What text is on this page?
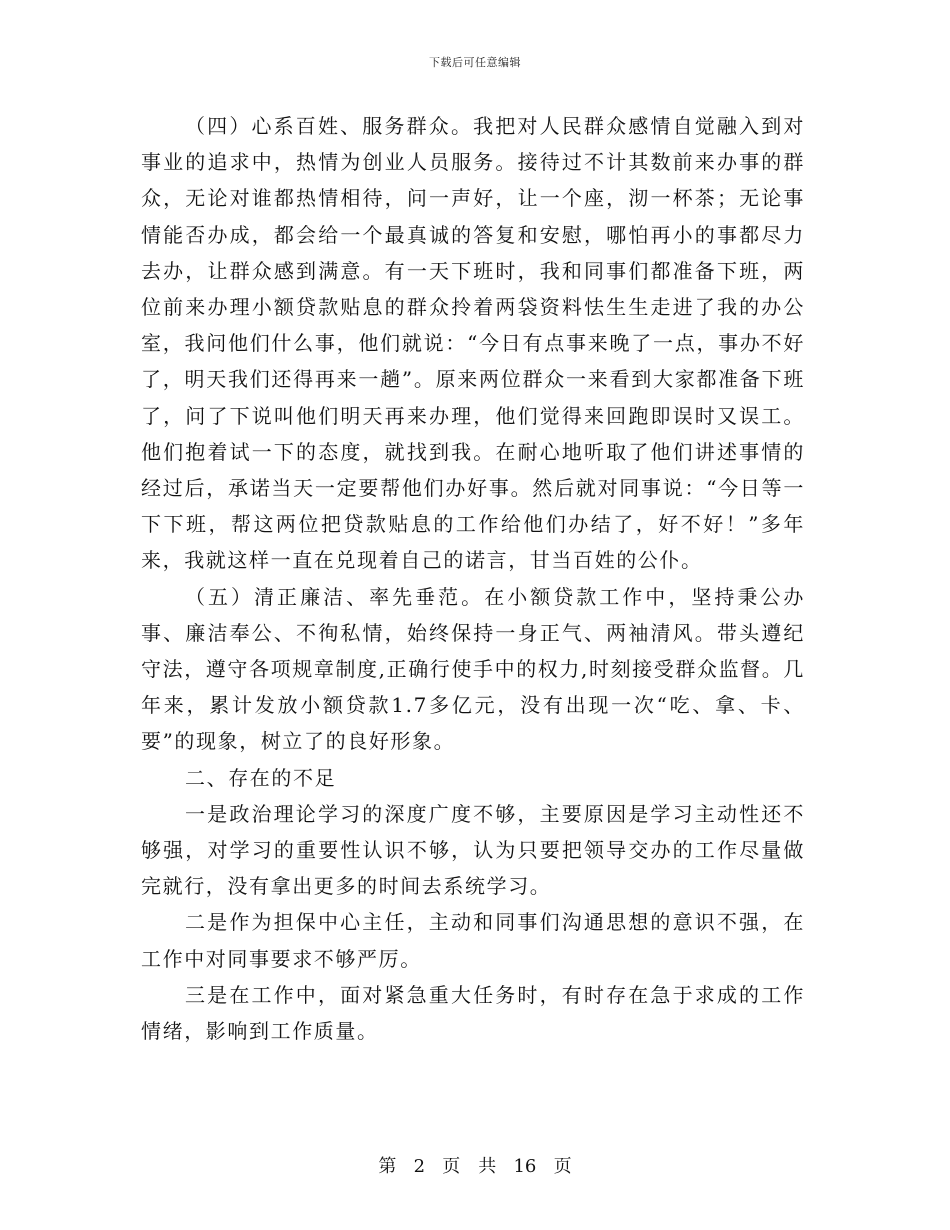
下载后可任意编辑

（四）心系百姓、服务群众。我把对人民群众感情自觉融入到对事业的追求中，热情为创业人员服务。接待过不计其数前来办事的群众，无论对谁都热情相待，问一声好，让一个座，沏一杯茶；无论事情能否办成，都会给一个最真诚的答复和安慰，哪怕再小的事都尽力去办，让群众感到满意。有一天下班时，我和同事们都准备下班，两位前来办理小额贷款贴息的群众拎着两袋资料怯生生走进了我的办公室，我问他们什么事，他们就说：“今日有点事来晚了一点，事办不好了，明天我们还得再来一趟”。原来两位群众一来看到大家都准备下班了，问了下说叫他们明天再来办理，他们觉得来回跑即误时又误工。他们抱着试一下的态度，就找到我。在耐心地听取了他们讲述事情的经过后，承诺当天一定要帮他们办好事。然后就对同事说：“今日等一下下班，帮这两位把贷款贴息的工作给他们办结了，好不好！”多年来，我就这样一直在兑现着自己的诺言，甘当百姓的公仆。

（五）清正廉洁、率先垂范。在小额贷款工作中，坚持秉公办事、廉洁奉公、不徇私情，始终保持一身正气、两袖清风。带头遵纪守法，遵守各项规章制度,正确行使手中的权力,时刻接受群众监督。几年来，累计发放小额贷款1.7多亿元，没有出现一次“吃、拿、卡、要”的现象，树立了的良好形象。

二、存在的不足

一是政治理论学习的深度广度不够，主要原因是学习主动性还不够强，对学习的重要性认识不够，认为只要把领导交办的工作尽量做完就行，没有拿出更多的时间去系统学习。

二是作为担保中心主任，主动和同事们沟通思想的意识不强，在工作中对同事要求不够严厉。

三是在工作中，面对紧急重大任务时，有时存在急于求成的工作情绪，影响到工作质量。

第 2 页　共 16 页
